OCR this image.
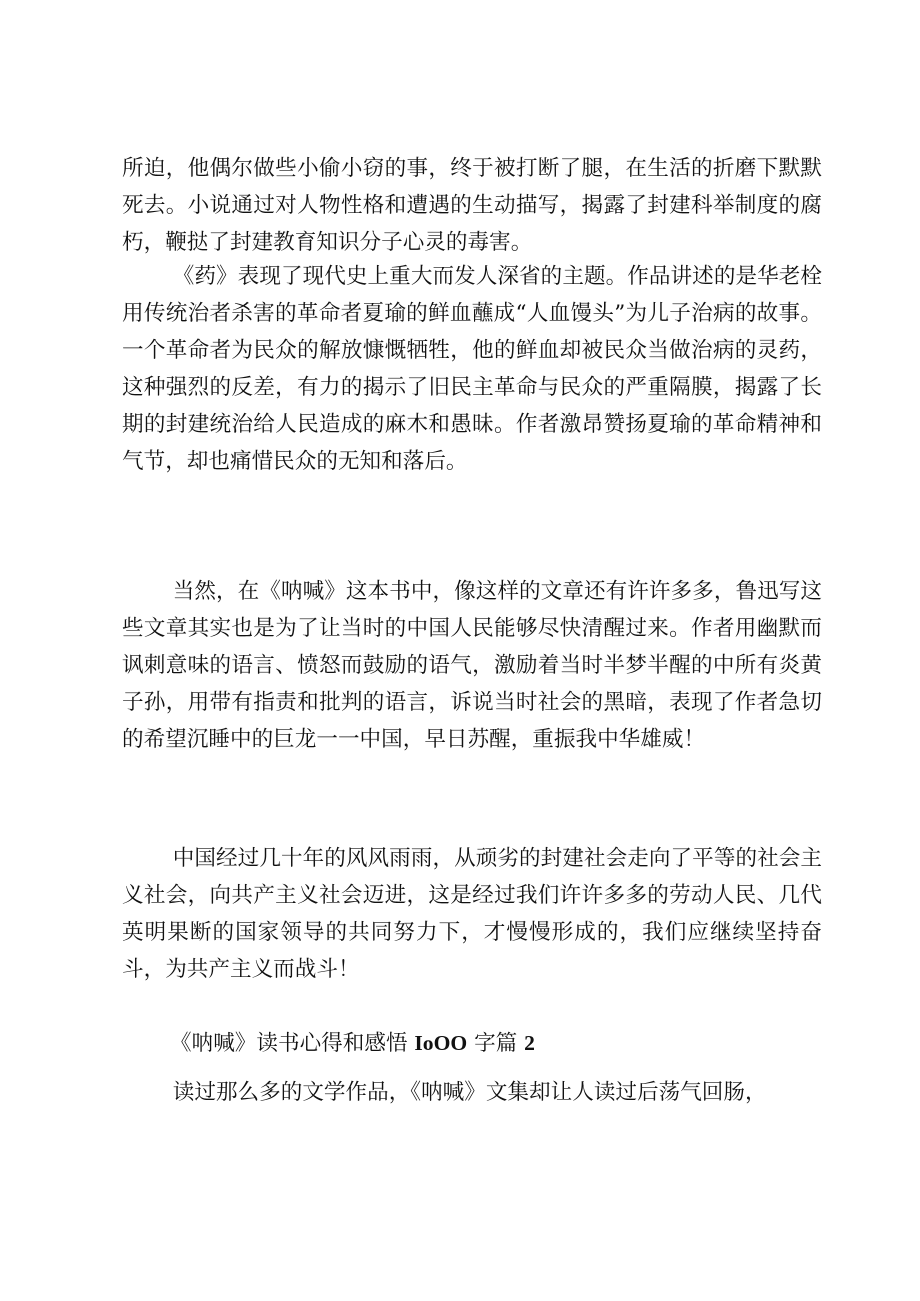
所迫，他偶尔做些小偷小窃的事，终于被打断了腿，在生活的折磨下默默死去。小说通过对人物性格和遭遇的生动描写，揭露了封建科举制度的腐朽，鞭挞了封建教育知识分子心灵的毒害。

《药》表现了现代史上重大而发人深省的主题。作品讲述的是华老栓用传统治者杀害的革命者夏瑜的鲜血蘸成“人血馒头”为儿子治病的故事。一个革命者为民众的解放慷慨牺牲，他的鲜血却被民众当做治病的灵药，这种强烈的反差，有力的揭示了旧民主革命与民众的严重隔膜，揭露了长期的封建统治给人民造成的麻木和愚昧。作者激昂赞扬夏瑜的革命精神和气节，却也痛惜民众的无知和落后。

当然，在《呐喊》这本书中，像这样的文章还有许许多多，鲁迅写这些文章其实也是为了让当时的中国人民能够尽快清醒过来。作者用幽默而讽刺意味的语言、愤怒而鼓励的语气，激励着当时半梦半醒的中所有炎黄子孙，用带有指责和批判的语言，诉说当时社会的黑暗，表现了作者急切的希望沉睡中的巨龙一一中国，早日苏醒，重振我中华雄威！

中国经过几十年的风风雨雨，从顽劣的封建社会走向了平等的社会主义社会，向共产主义社会迈进，这是经过我们许许多多的劳动人民、几代英明果断的国家领导的共同努力下，才慢慢形成的，我们应继续坚持奋斗，为共产主义而战斗！

《呐喊》读书心得和感悟 IoOO 字篇 2

读过那么多的文学作品，《呐喊》文集却让人读过后荡气回肠，
